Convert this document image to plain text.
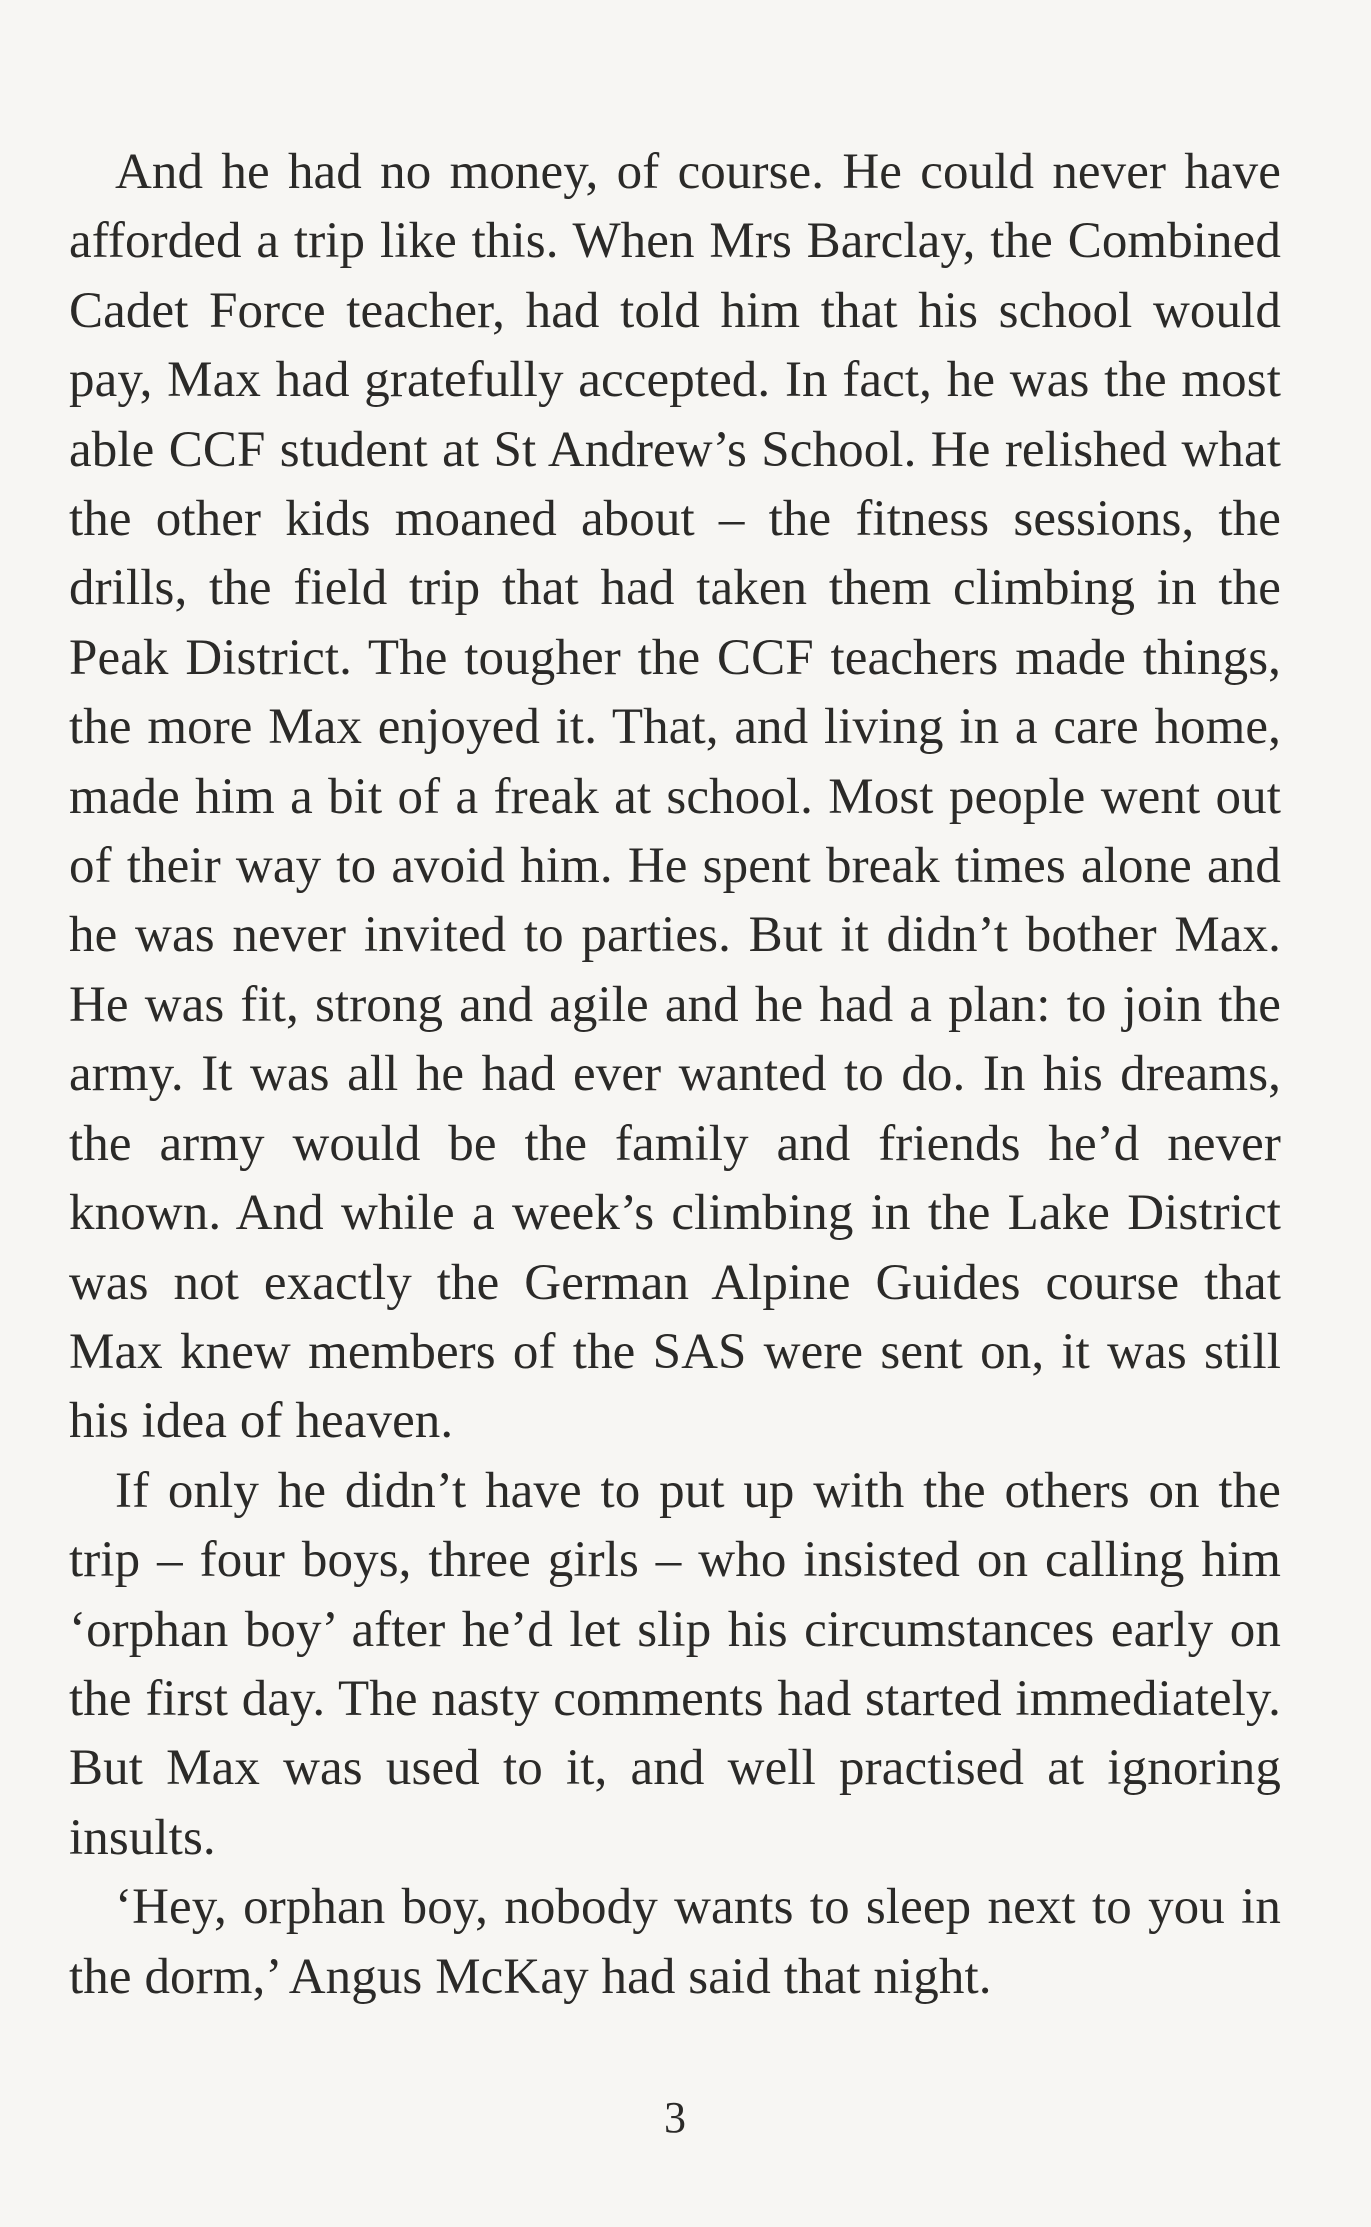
And he had no money, of course. He could never have afforded a trip like this. When Mrs Barclay, the Combined Cadet Force teacher, had told him that his school would pay, Max had gratefully accepted. In fact, he was the most able CCF student at St Andrew’s School. He relished what the other kids moaned about – the fitness sessions, the drills, the field trip that had taken them climbing in the Peak District. The tougher the CCF teachers made things, the more Max enjoyed it. That, and living in a care home, made him a bit of a freak at school. Most people went out of their way to avoid him. He spent break times alone and he was never invited to parties. But it didn’t bother Max. He was fit, strong and agile and he had a plan: to join the army. It was all he had ever wanted to do. In his dreams, the army would be the family and friends he’d never known. And while a week’s climbing in the Lake District was not exactly the German Alpine Guides course that Max knew members of the SAS were sent on, it was still his idea of heaven.

If only he didn’t have to put up with the others on the trip – four boys, three girls – who insisted on calling him ‘orphan boy’ after he’d let slip his circumstances early on the first day. The nasty comments had started immediately. But Max was used to it, and well practised at ignoring insults.

‘Hey, orphan boy, nobody wants to sleep next to you in the dorm,’ Angus McKay had said that night.

3
